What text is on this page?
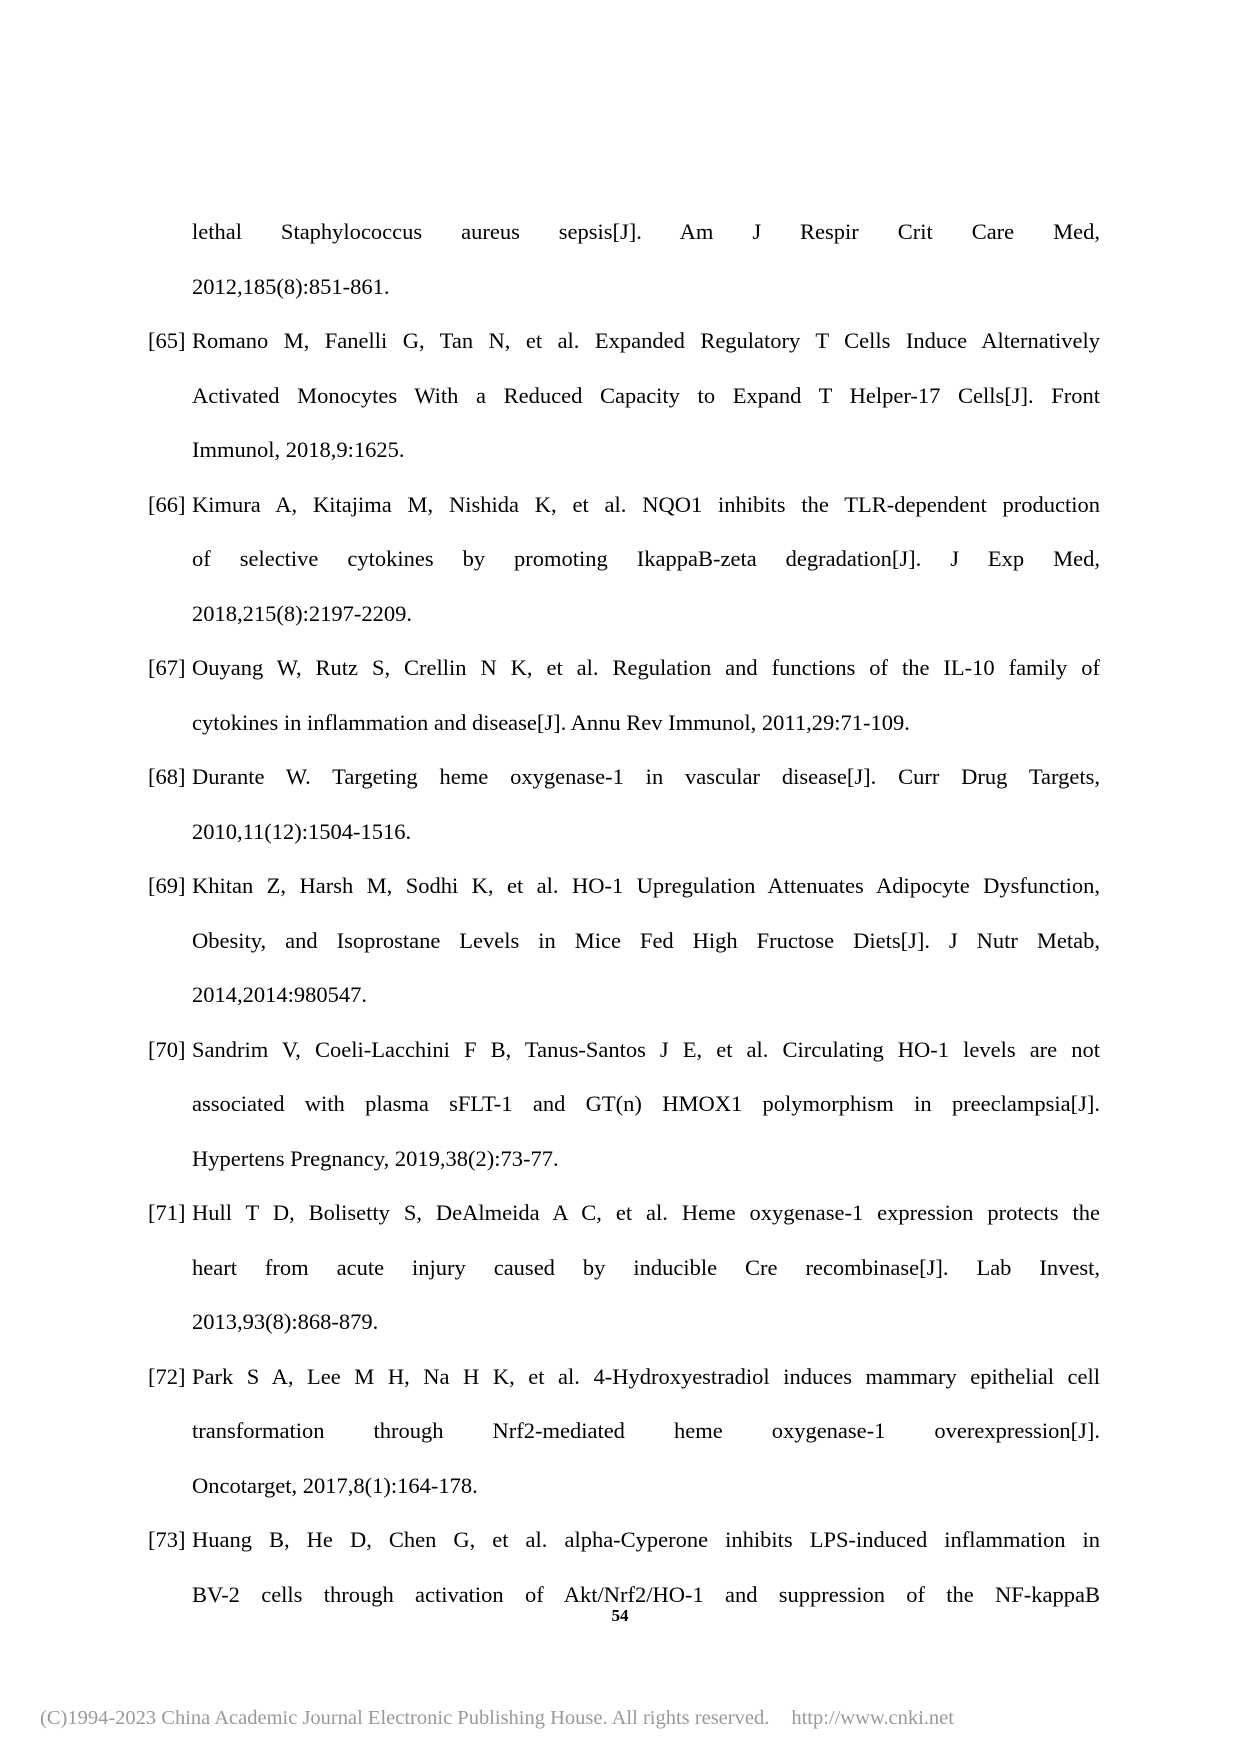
lethal Staphylococcus aureus sepsis[J]. Am J Respir Crit Care Med,
2012,185(8):851-861.
[65] Romano M, Fanelli G, Tan N, et al. Expanded Regulatory T Cells Induce Alternatively
Activated Monocytes With a Reduced Capacity to Expand T Helper-17 Cells[J]. Front
Immunol, 2018,9:1625.
[66] Kimura A, Kitajima M, Nishida K, et al. NQO1 inhibits the TLR-dependent production
of selective cytokines by promoting IkappaB-zeta degradation[J]. J Exp Med,
2018,215(8):2197-2209.
[67] Ouyang W, Rutz S, Crellin N K, et al. Regulation and functions of the IL-10 family of
cytokines in inflammation and disease[J]. Annu Rev Immunol, 2011,29:71-109.
[68] Durante W. Targeting heme oxygenase-1 in vascular disease[J]. Curr Drug Targets,
2010,11(12):1504-1516.
[69] Khitan Z, Harsh M, Sodhi K, et al. HO-1 Upregulation Attenuates Adipocyte Dysfunction,
Obesity, and Isoprostane Levels in Mice Fed High Fructose Diets[J]. J Nutr Metab,
2014,2014:980547.
[70] Sandrim V, Coeli-Lacchini F B, Tanus-Santos J E, et al. Circulating HO-1 levels are not
associated with plasma sFLT-1 and GT(n) HMOX1 polymorphism in preeclampsia[J].
Hypertens Pregnancy, 2019,38(2):73-77.
[71] Hull T D, Bolisetty S, DeAlmeida A C, et al. Heme oxygenase-1 expression protects the
heart from acute injury caused by inducible Cre recombinase[J]. Lab Invest,
2013,93(8):868-879.
[72] Park S A, Lee M H, Na H K, et al. 4-Hydroxyestradiol induces mammary epithelial cell
transformation through Nrf2-mediated heme oxygenase-1 overexpression[J].
Oncotarget, 2017,8(1):164-178.
[73] Huang B, He D, Chen G, et al. alpha-Cyperone inhibits LPS-induced inflammation in
BV-2 cells through activation of Akt/Nrf2/HO-1 and suppression of the NF-kappaB
54
(C)1994-2023 China Academic Journal Electronic Publishing House. All rights reserved. http://www.cnki.net
